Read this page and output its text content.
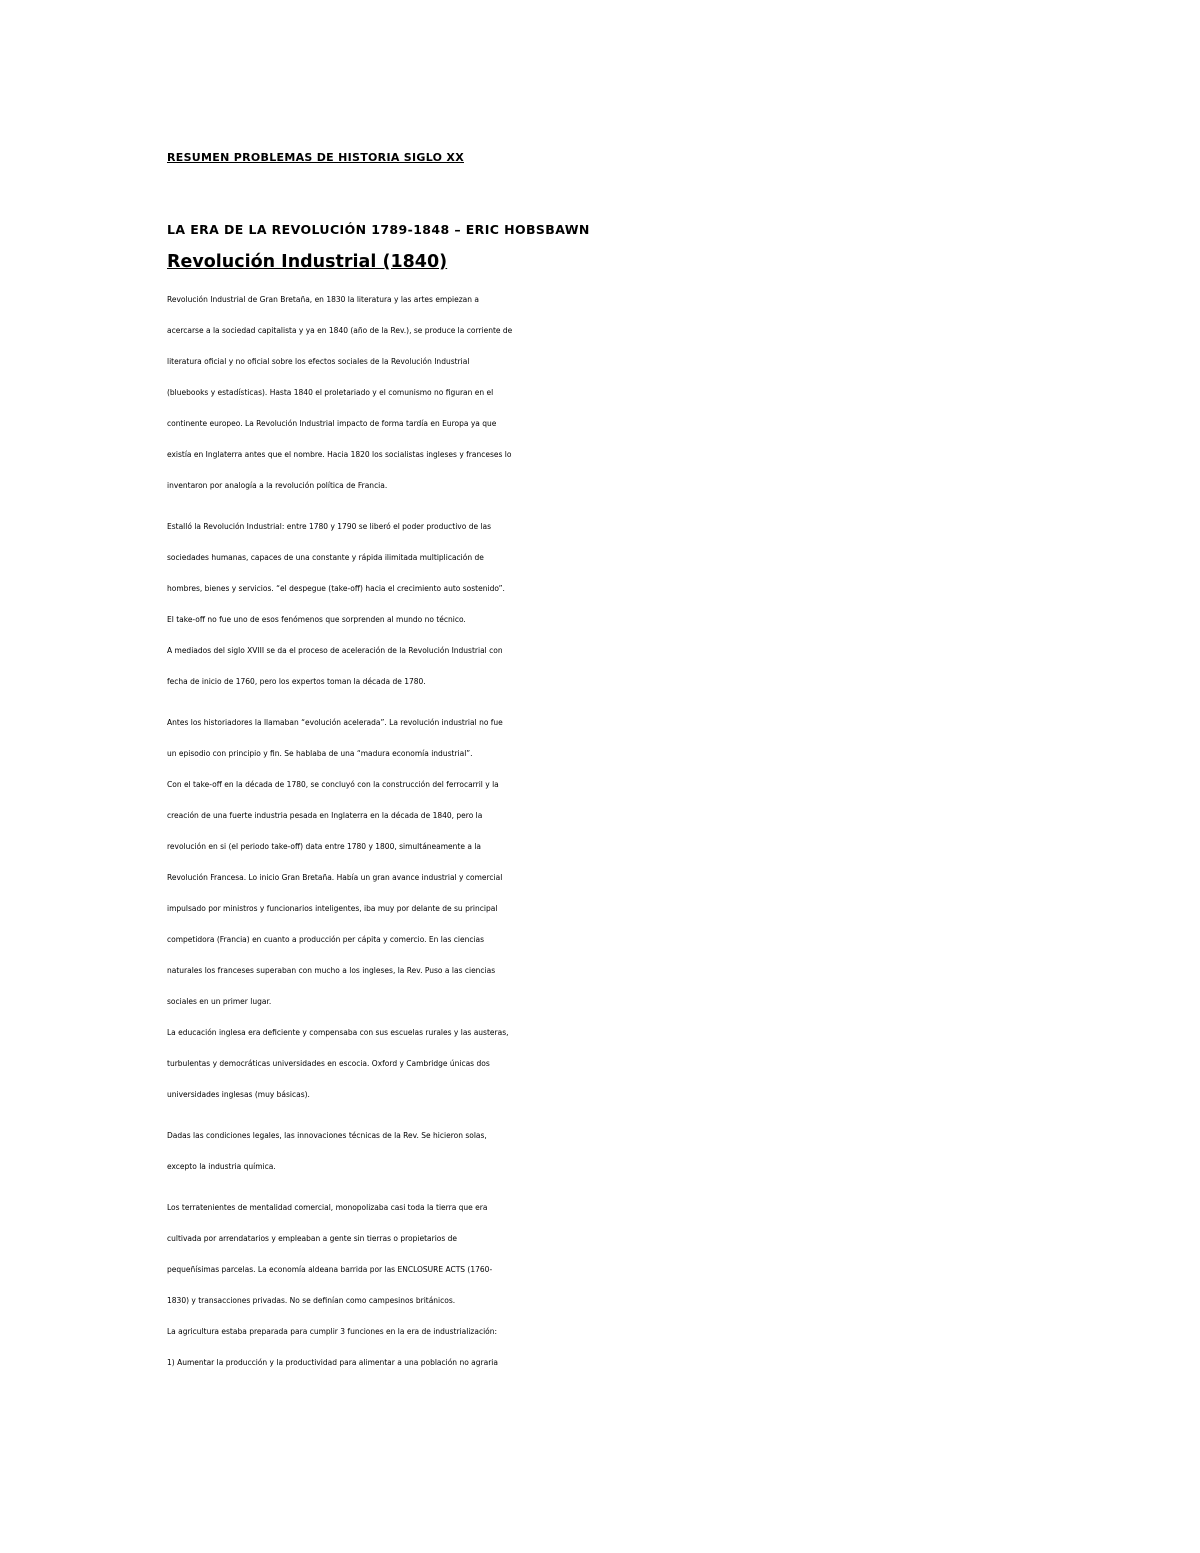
RESUMEN PROBLEMAS DE HISTORIA SIGLO XX
LA ERA DE LA REVOLUCIÓN 1789-1848 – ERIC HOBSBAWN
Revolución Industrial (1840)

Revolución Industrial de Gran Bretaña, en 1830 la literatura y las artes empiezan a
acercarse a la sociedad capitalista y ya en 1840 (año de la Rev.), se produce la corriente de
literatura oficial y no oficial sobre los efectos sociales de la Revolución Industrial
(bluebooks y estadísticas). Hasta 1840 el proletariado y el comunismo no figuran en el
continente europeo. La Revolución Industrial impacto de forma tardía en Europa ya que
existía en Inglaterra antes que el nombre. Hacia 1820 los socialistas ingleses y franceses lo
inventaron por analogía a la revolución política de Francia.

Estalló la Revolución Industrial: entre 1780 y 1790 se liberó el poder productivo de las
sociedades humanas, capaces de una constante y rápida ilimitada multiplicación de
hombres, bienes y servicios. “el despegue (take-off) hacia el crecimiento auto sostenido”.
El take-off no fue uno de esos fenómenos que sorprenden al mundo no técnico.
A mediados del siglo XVIII se da el proceso de aceleración de la Revolución Industrial con
fecha de inicio de 1760, pero los expertos toman la década de 1780.

Antes los historiadores la llamaban “evolución acelerada”. La revolución industrial no fue
un episodio con principio y fin. Se hablaba de una “madura economía industrial”.
Con el take-off en la década de 1780, se concluyó con la construcción del ferrocarril y la
creación de una fuerte industria pesada en Inglaterra en la década de 1840, pero la
revolución en si (el periodo take-off) data entre 1780 y 1800, simultáneamente a la
Revolución Francesa. Lo inicio Gran Bretaña. Había un gran avance industrial y comercial
impulsado por ministros y funcionarios inteligentes, iba muy por delante de su principal
competidora (Francia) en cuanto a producción per cápita y comercio. En las ciencias
naturales los franceses superaban con mucho a los ingleses, la Rev. Puso a las ciencias
sociales en un primer lugar.
La educación inglesa era deficiente y compensaba con sus escuelas rurales y las austeras,
turbulentas y democráticas universidades en escocia. Oxford y Cambridge únicas dos
universidades inglesas (muy básicas).

Dadas las condiciones legales, las innovaciones técnicas de la Rev. Se hicieron solas,
excepto la industria química.

Los terratenientes de mentalidad comercial, monopolizaba casi toda la tierra que era
cultivada por arrendatarios y empleaban a gente sin tierras o propietarios de
pequeñísimas parcelas. La economía aldeana barrida por las ENCLOSURE ACTS (1760-
1830) y transacciones privadas. No se definían como campesinos británicos.
La agricultura estaba preparada para cumplir 3 funciones en la era de industrialización:
1) Aumentar la producción y la productividad para alimentar a una población no agraria
